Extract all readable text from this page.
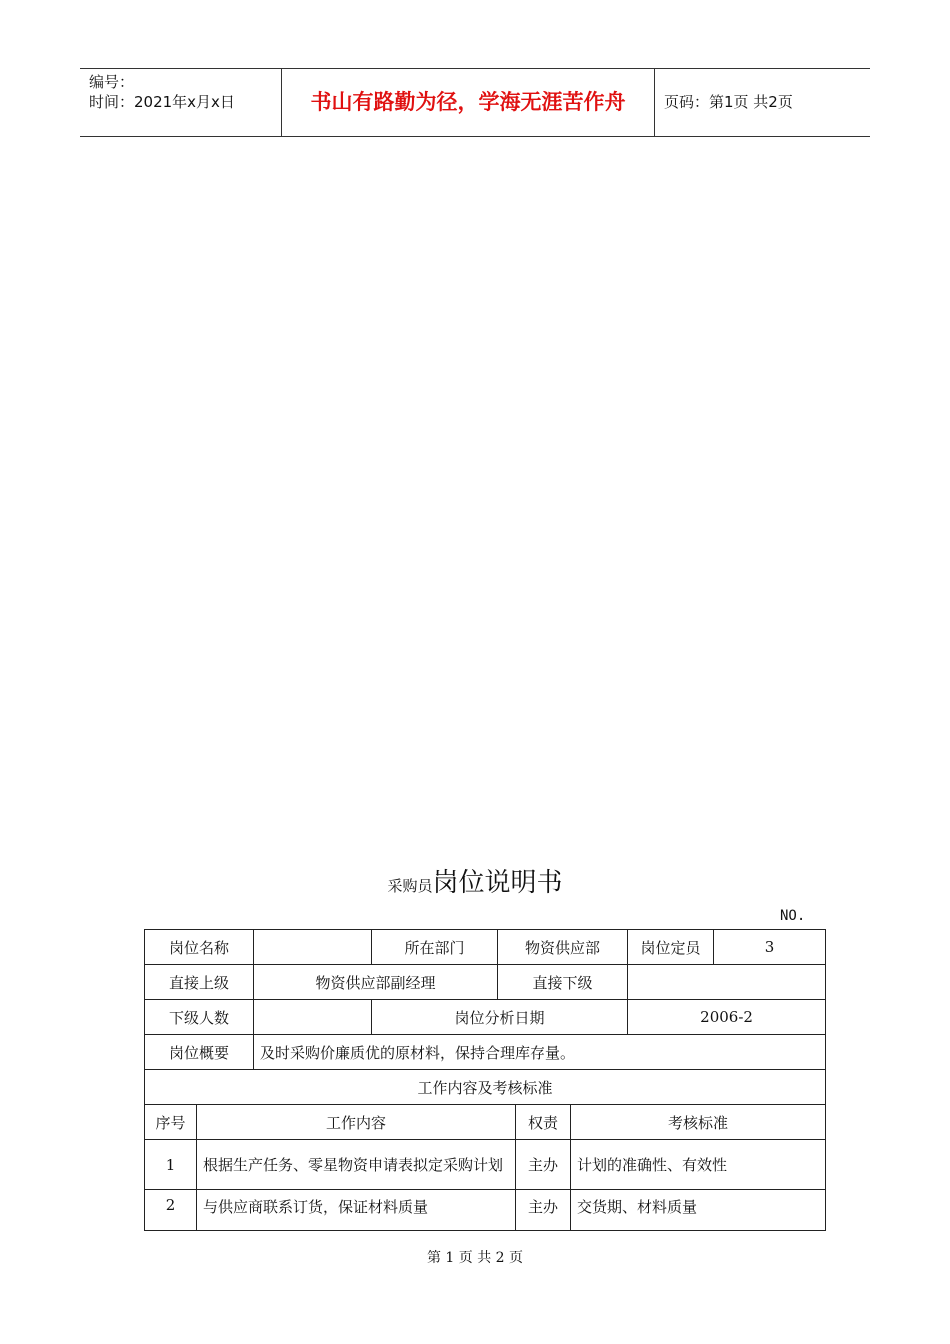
编号：
时间：2021年x月x日	书山有路勤为径，学海无涯苦作舟	页码：第1页 共2页
采购员岗位说明书
NO.
岗位名称			所在部门	物资供应部			岗位定员	3
直接上级		物资供应部副经理		直接下级				
下级人数			岗位分析日期				2006-2	
岗位概要		及时采购价廉质优的原材料，保持合理库存量。						
工作内容及考核标准								
序号	工作内容				权责	考核标准		
1	根据生产任务、零星物资申请表拟定采购计划				主办	计划的准确性、有效性		
2	与供应商联系订货，保证材料质量				主办	交货期、材料质量		
第 1 页 共 2 页
